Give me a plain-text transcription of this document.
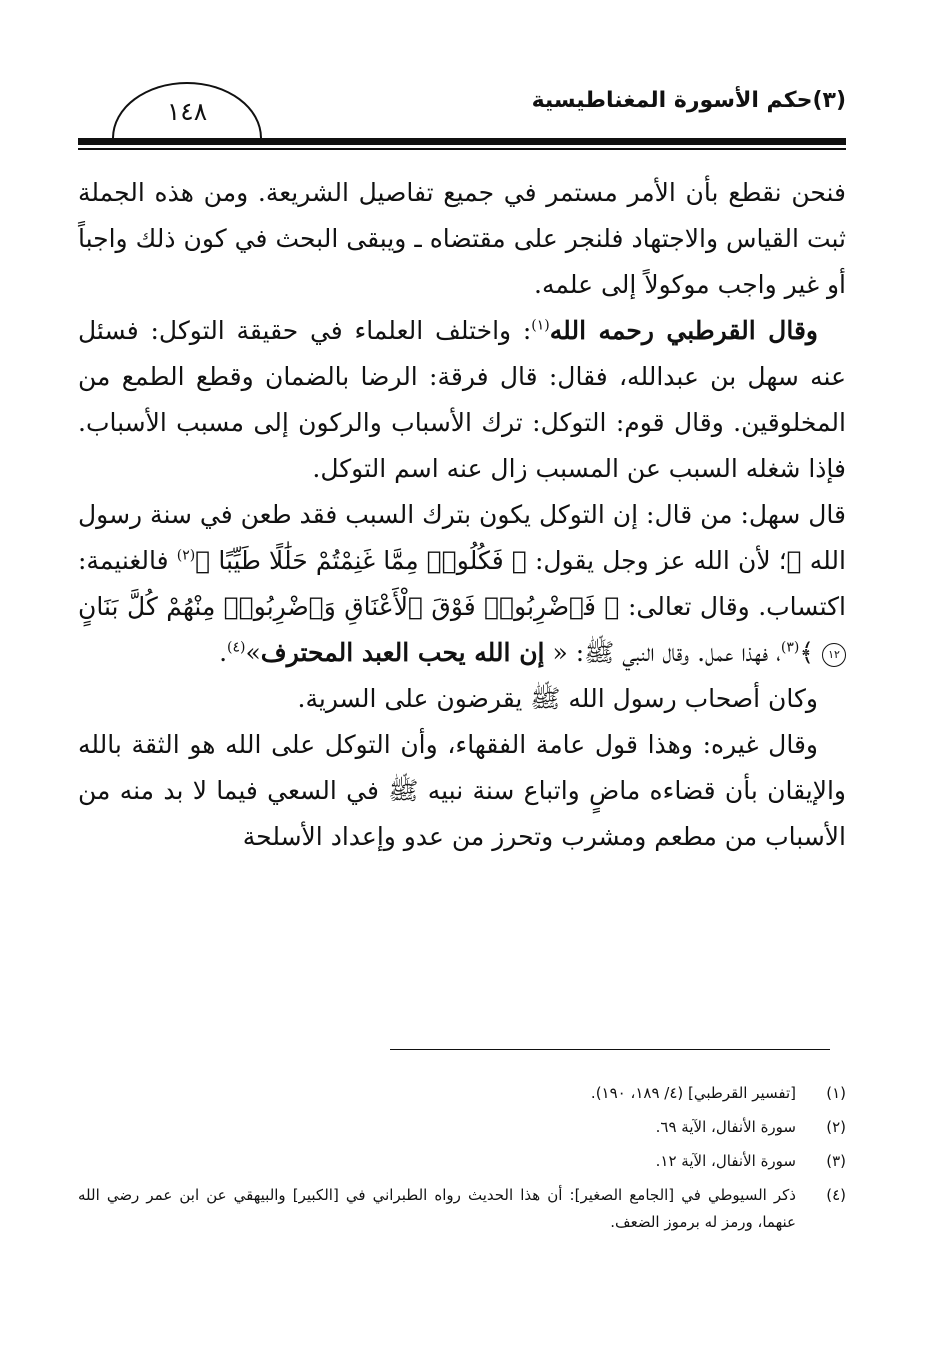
١٤٨	(٣)حكم الأسورة المغناطيسية

فنحن نقطع بأن الأمر مستمر في جميع تفاصيل الشريعة. ومن هذه الجملة ثبت القياس والاجتهاد فلنجر على مقتضاه ـ ويبقى البحث في كون ذلك واجباً أو غير واجب موكولاً إلى علمه.

وقال القرطبي رحمه الله$^{(١)}$: واختلف العلماء في حقيقة التوكل: فسئل عنه سهل بن عبدالله، فقال: قال فرقة: الرضا بالضمان وقطع الطمع من المخلوقين. وقال قوم: التوكل: ترك الأسباب والركون إلى مسبب الأسباب. فإذا شغله السبب عن المسبب زال عنه اسم التوكل.

قال سهل: من قال: إن التوكل يكون بترك السبب فقد طعن في سنة رسول الله ﷺ؛ لأن الله عز وجل يقول: ﴿ فَكُلُوا۟ مِمَّا غَنِمْتُمْ حَلَٰلًا طَيِّبًا ﴾$^{(٢)}$ فالغنيمة: اكتساب. وقال تعالى: ﴿ فَٱضْرِبُوا۟ فَوْقَ ٱلْأَعْنَاقِ وَٱضْرِبُوا۟ مِنْهُمْ كُلَّ بَنَانٍ ١٢ ﴾$^{(٣)}$، فهذا عمل. وقال النبي ﷺ: « إن الله يحب العبد المحترف»$^{(٤)}$.

وكان أصحاب رسول الله ﷺ يقرضون على السرية.

وقال غيره: وهذا قول عامة الفقهاء، وأن التوكل على الله هو الثقة بالله والإيقان بأن قضاءه ماضٍ واتباع سنة نبيه ﷺ في السعي فيما لا بد منه من الأسباب من مطعم ومشرب وتحرز من عدو وإعداد الأسلحة

(١)
[تفسير القرطبي] (٤/ ١٨٩، ١٩٠).
(٢)
سورة الأنفال، الآية ٦٩.
(٣)
سورة الأنفال، الآية ١٢.
(٤)
ذكر السيوطي في [الجامع الصغير]: أن هذا الحديث رواه الطبراني في [الكبير] والبيهقي عن ابن عمر رضي الله عنهما، ورمز له برموز الضعف.
